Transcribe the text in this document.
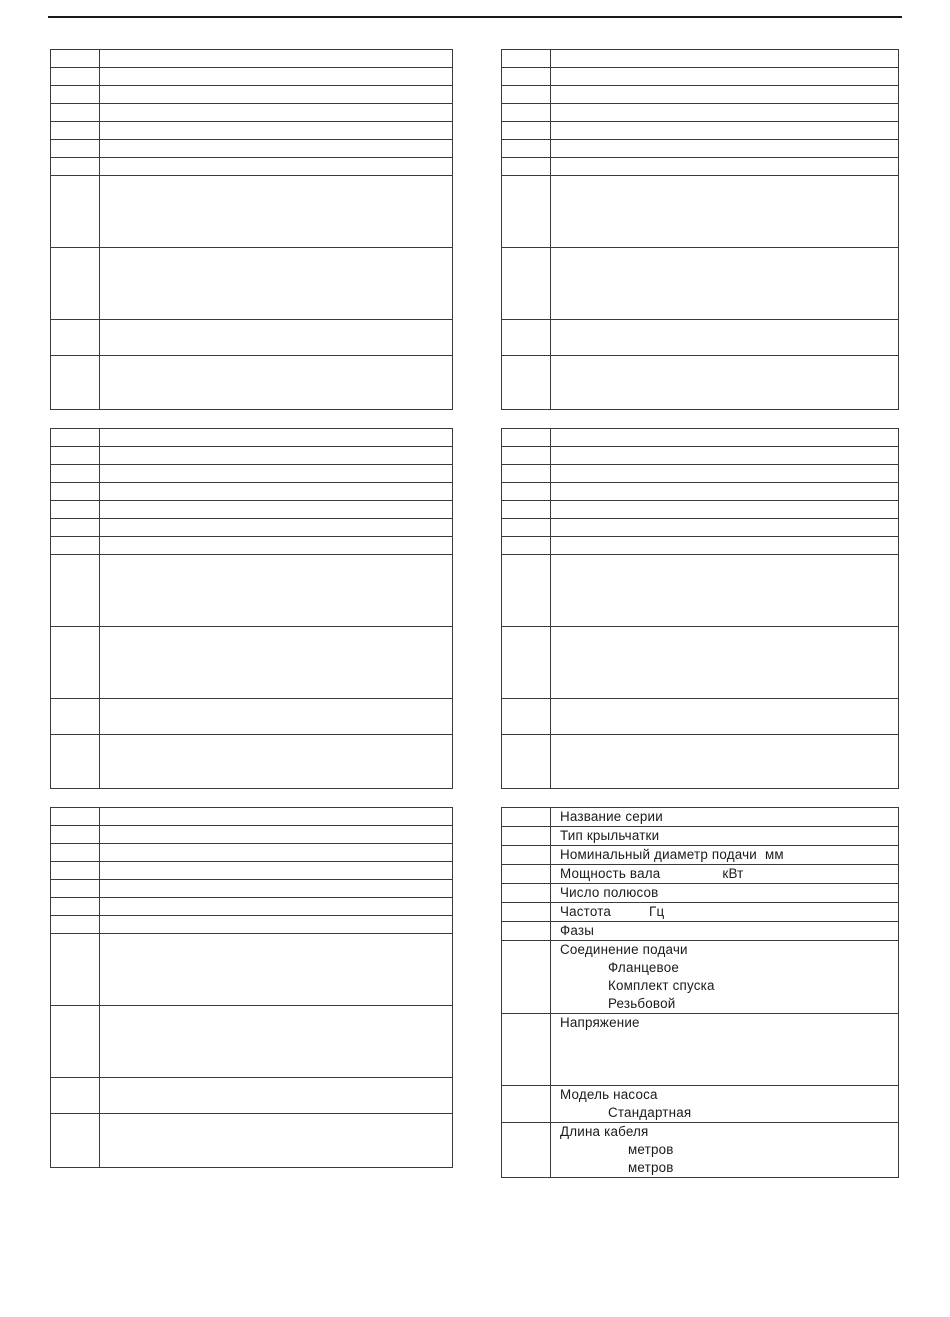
	Название серии
	Тип крыльчатки
	Номинальный диаметр подачи мм
	Мощность вала кВт
	Число полюсов
	Частота Гц
	Фазы

	Соединение подачи
Фланцевое
Комплект спуска
Резьбовой

	Напряжение

	Модель насоса
Стандартная

	Длина кабеля
метров
метров
